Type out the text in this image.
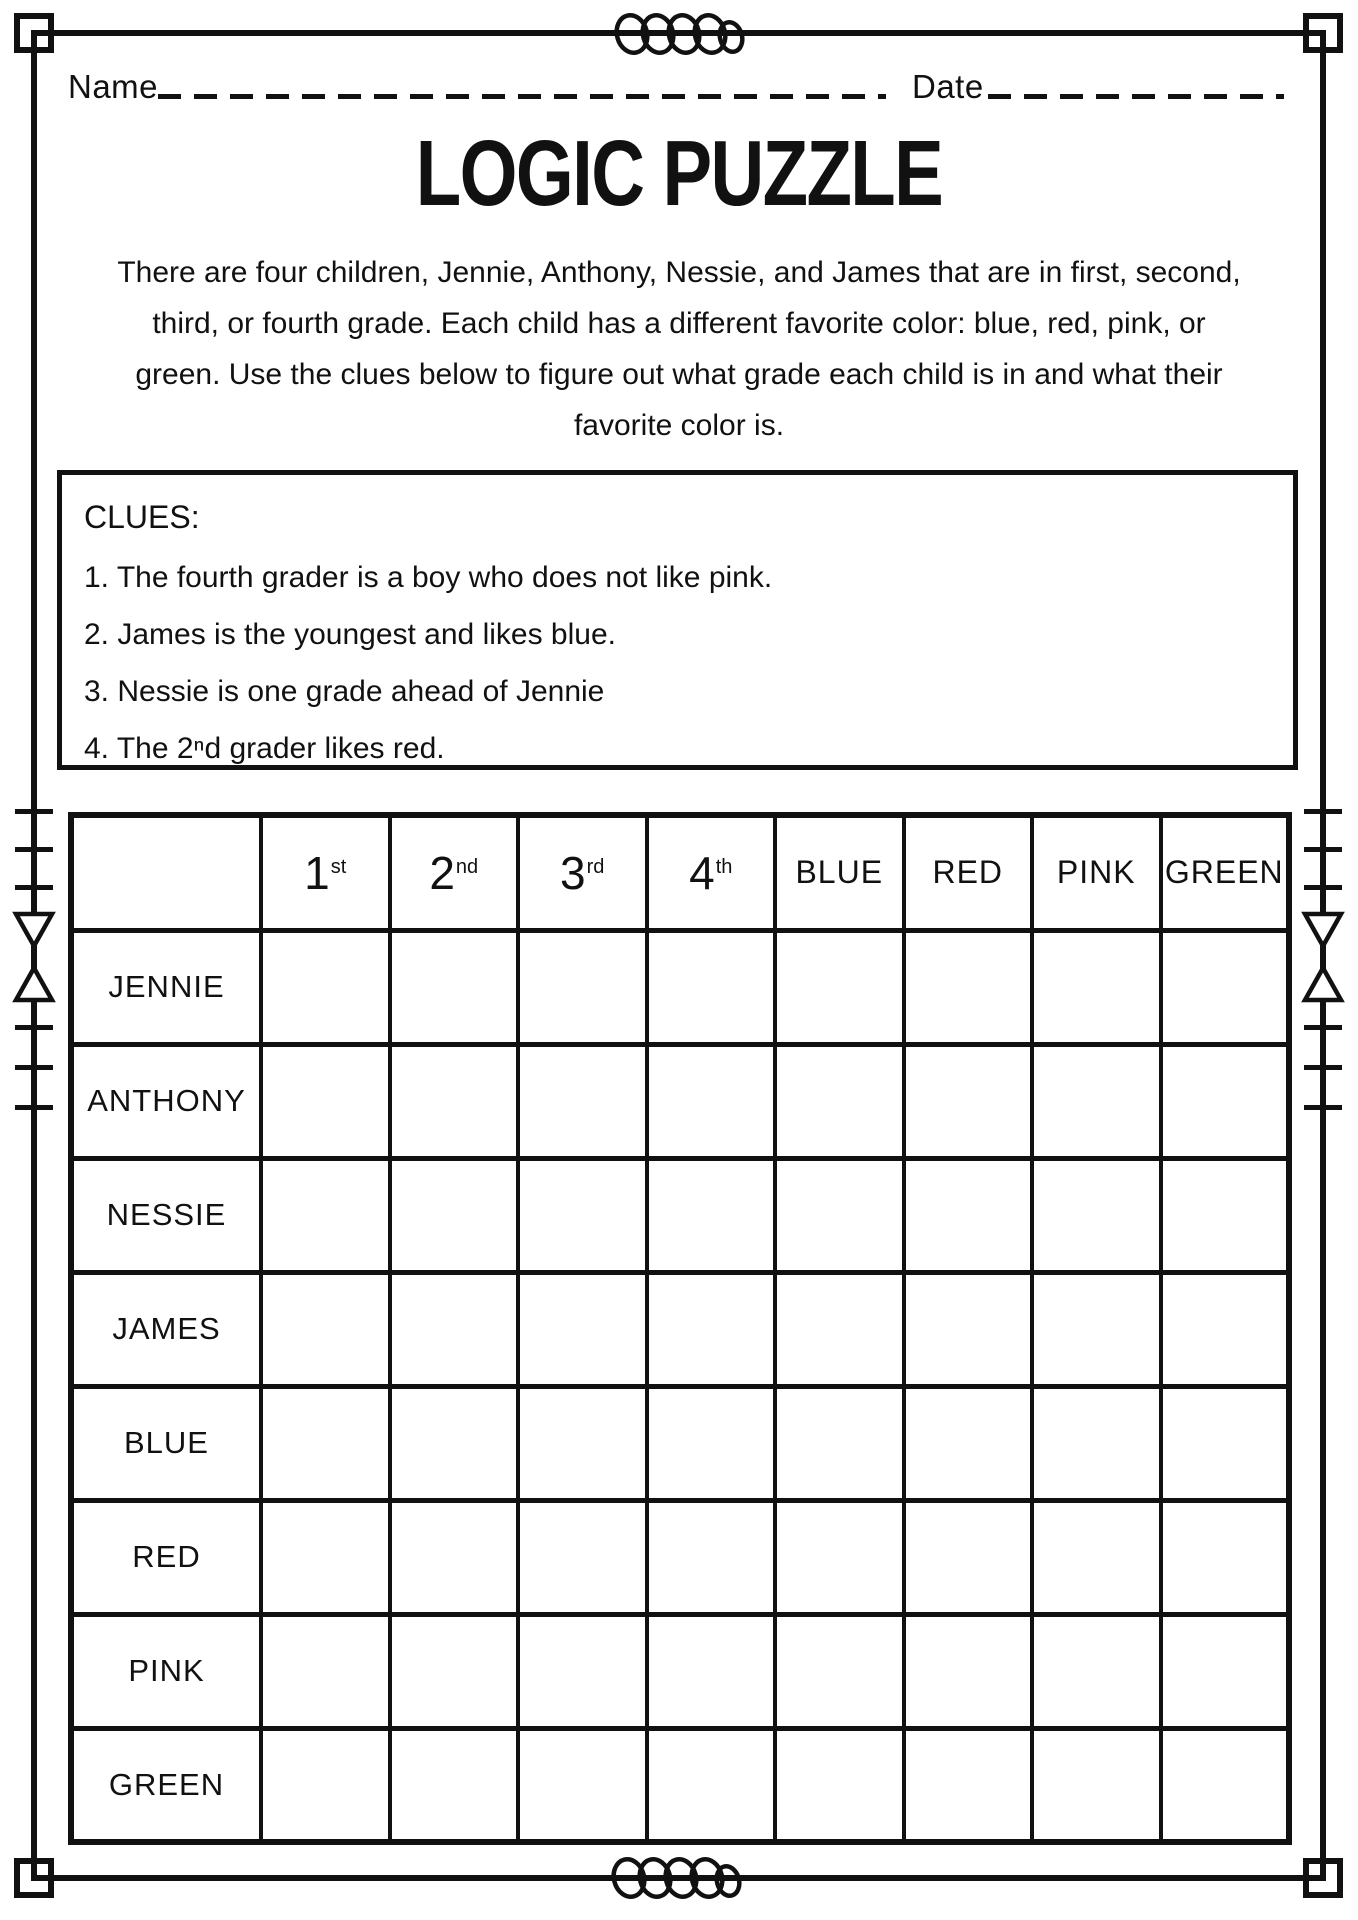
Name	Date
LOGIC PUZZLE
There are four children, Jennie, Anthony, Nessie, and James that are in first, second,
third, or fourth grade. Each child has a different favorite color: blue, red, pink, or
green. Use the clues below to figure out what grade each child is in and what their
favorite color is.
CLUES:
1. The fourth grader is a boy who does not like pink.
2. James is the youngest and likes blue.
3. Nessie is one grade ahead of Jennie
4. The 2ⁿd grader likes red.
	1st	2nd	3rd	4th	BLUE	RED	PINK	GREEN
JENNIE								
ANTHONY								
NESSIE								
JAMES								
BLUE								
RED								
PINK								
GREEN								
